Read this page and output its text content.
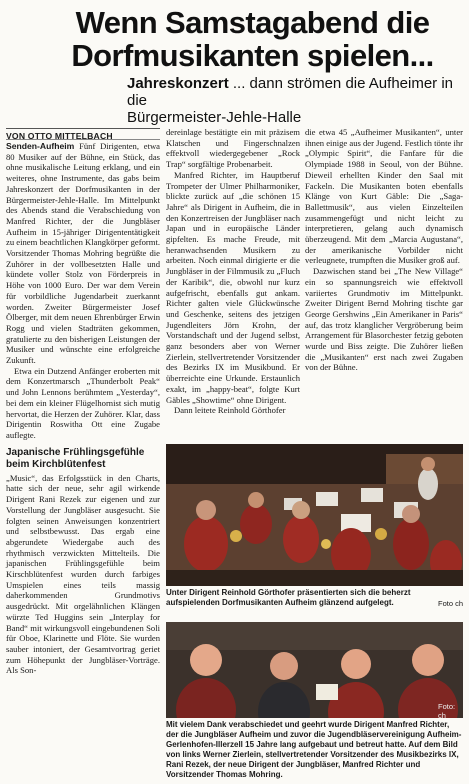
Wenn Samstagabend die
Dorfmusikanten spielen...
Jahreskonzert ... dann strömen die Aufheimer in die
Bürgermeister-Jehle-Halle
VON OTTO MITTELBACH

Senden-Aufheim Fünf Dirigenten, etwa 80 Musiker auf der Bühne, ein Stück, das ohne musikalische Leitung erklang, und ein weiteres, ohne Instrumente, das gabs beim Jahreskonzert der Dorfmusikanten in der Bürgermeister-Jehle-Halle. Im Mittelpunkt des Abends stand die Verabschiedung von Manfred Richter, der die Jungbläser Aufheim in 15-jähriger Dirigententätigkeit zu einem beachtlichen Klangkörper geformt. Vorsitzender Thomas Mohring begrüßte die Zuhörer in der vollbesetzten Halle und kündete voller Stolz von Förderpreis in Höhe von 1000 Euro. Der war dem Verein für vorbildliche Jugendarbeit zuerkannt worden. Zweiter Bürgermeister Josef Ölberger, mit dem neuen Ehrenbürger Erwin Rogg und vielen Stadträten gekommen, gratulierte zu den bisherigen Leistungen der Musiker und wünschte eine erfolgreiche Zukunft.

Etwa ein Dutzend Anfänger eroberten mit dem Konzertmarsch „Thunderbolt Peak“ und John Lennons berühmtem „Yesterday“, bei dem ein kleiner Flügelhornist sich mutig hervortat, die Herzen der Zuhörer. Klar, dass Dirigentin Roswitha Ott eine Zugabe auflegte.

Japanische Frühlingsgefühle beim Kirchblütenfest

„Music“, das Erfolgsstück in den Charts, hatte sich der neue, sehr agil wirkende Dirigent Rani Rezek zur eigenen und zur Vorstellung der Jungbläser ausgesucht. Sie folgten seinen Anweisungen konzentriert und selbstbewusst. Das ergab eine abgerundete Wiedergabe auch des rhythmisch verzwickten Mittelteils. Die japanischen Frühlingsgefühle beim Kirschblütenfest wurden durch farbiges Umspielen eines teils massig daherkommenden Grundmotivs ausgedrückt. Mit orgelähnlichen Klängen würzte Ted Huggins sein „Interplay for Band“ mit wirkungsvoll eingebundenen Soli für Oboe, Klarinette und Flöte. Sie wurden sauber intoniert, der Gesamtvortrag geriet zum Höhepunkt der Jungbläser-Vorträge. Als Son-

dereinlage bestätigte ein mit präzisem Klatschen und Fingerschnalzen effektvoll wiedergegebener „Rock Trap“ sorgfältige Probenarbeit.

Manfred Richter, im Hauptberuf Trompeter der Ulmer Philharmoniker, blickte zurück auf „die schönen 15 Jahre“ als Dirigent in Aufheim, die in den Konzertreisen der Jungbläser nach Japan und in europäische Länder gipfelten. Es mache Freude, mit heranwachsenden Musikern zu arbeiten. Noch einmal dirigierte er die Jungbläser in der Filmmusik zu „Fluch der Karibik“, die, obwohl nur kurz aufgefrischt, ebenfalls gut ankam. Richter galten viele Glückwünsche und Geschenke, seitens des jetzigen Jugendleiters Jörn Krohn, der Vorstandschaft und der Jugend selbst, ganz besonders aber von Werner Zierlein, stellvertretender Vorsitzender des Bezirks IX im Musikbund. Er überreichte eine Urkunde. Erstaunlich exakt, im „happy-beat“, folgte Kurt Gäbles „Showtime“ ohne Dirigent.

Dann leitete Reinhold Görthofer

die etwa 45 „Aufheimer Musikanten“, unter ihnen einige aus der Jugend. Festlich tönte ihr „Olympic Spirit“, die Fanfare für die Olympiade 1988 in Seoul, von der Bühne. Dieweil erhellten Kinder den Saal mit Fackeln. Die Musikanten boten ebenfalls Klänge von Kurt Gäble: Die „Saga-Ballettmusik“, aus vielen Einzelteilen zusammengefügt und nicht leicht zu interpretieren, gelang auch dynamisch überzeugend. Mit dem „Marcia Augustana“, der amerikanische Vorbilder nicht verleugnete, trumpften die Musiker groß auf.

Dazwischen stand bei „The New Village“ ein so spannungsreich wie effektvoll variiertes Grundmotiv im Mittelpunkt. Zweiter Dirigent Bernd Mohring tischte gar George Gershwins „Ein Amerikaner in Paris“ auf, das trotz klanglicher Vergröberung beim Arrangement für Blasorchester fetzig geboten wurde und Biss zeigte. Die Zuhörer ließen die „Musikanten“ erst nach zwei Zugaben von der Bühne.

Unter Dirigent Reinhold Görthofer präsentierten sich die beherzt aufspielenden Dorfmusikanten Aufheim glänzend aufgelegt.	Foto ch
Foto: ch
Mit vielem Dank verabschiedet und geehrt wurde Dirigent Manfred Richter, der die Jungbläser Aufheim und zuvor die Jugendbläservereinigung Aufheim- Gerlenhofen-Illerzell 15 Jahre lang aufgebaut und betreut hatte. Auf dem Bild von links Werner Zierlein, stellvertretender Vorsitzender des Musikbezirks IX, Rani Rezek, der neue Dirigent der Jungbläser, Manfred Richter und Vorsitzender Thomas Mohring.
